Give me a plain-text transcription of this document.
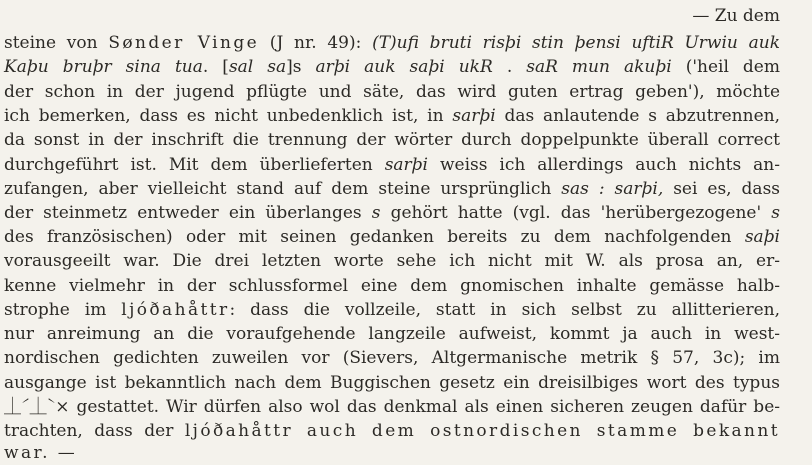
— Zu dem
steine von Sønder Vinge (J nr. 49): (T)ufi bruti risþi stin þensi uftiR Urwiu auk
Kaþu bruþr sina tua. [sal sa]s arþi auk saþi ukR . saR mun akuþi ('heil dem
der schon in der jugend pflügte und säte, das wird guten ertrag geben'), möchte
ich bemerken, dass es nicht unbedenklich ist, in sarþi das anlautende s abzutrennen,
da sonst in der inschrift die trennung der wörter durch doppelpunkte überall correct
durchgeführt ist. Mit dem überlieferten sarþi weiss ich allerdings auch nichts an-
zufangen, aber vielleicht stand auf dem steine ursprünglich sas : sarþi, sei es, dass
der steinmetz entweder ein überlanges s gehört hatte (vgl. das 'herübergezogene' s
des französischen) oder mit seinen gedanken bereits zu dem nachfolgenden saþi
vorausgeeilt war. Die drei letzten worte sehe ich nicht mit W. als prosa an, er-
kenne vielmehr in der schlussformel eine dem gnomischen inhalte gemässe halb-
strophe im ljóðahåttr: dass die vollzeile, statt in sich selbst zu allitterieren,
nur anreimung an die voraufgehende langzeile aufweist, kommt ja auch in west-
nordischen gedichten zuweilen vor (Sievers, Altgermanische metrik § 57, 3c); im
ausgange ist bekanntlich nach dem Buggischen gesetz ein dreisilbiges wort des typus
⏊́ ⏊̀ × gestattet. Wir dürfen also wol das denkmal als einen sicheren zeugen dafür be-
trachten, dass der ljóðahåttr auch dem ostnordischen stamme bekannt
war. —
